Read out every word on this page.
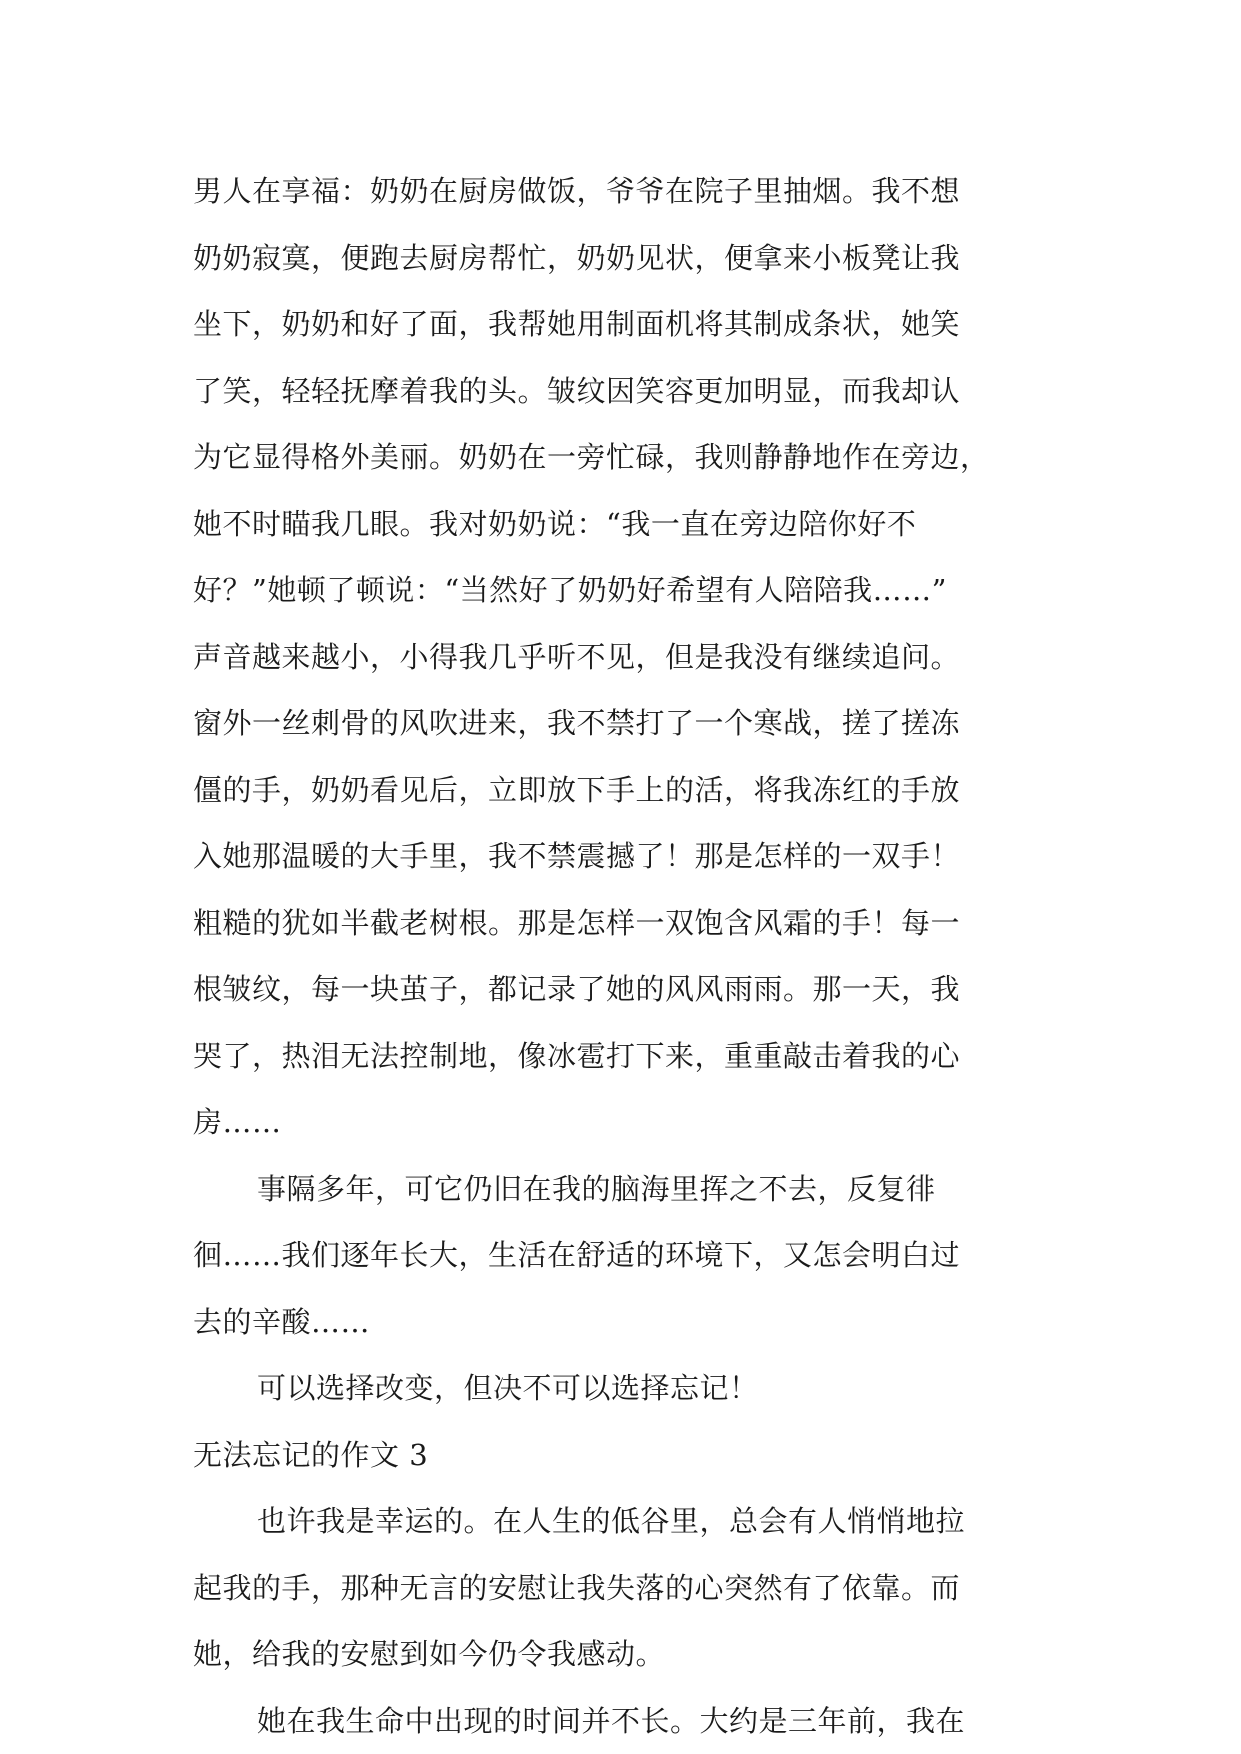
男人在享福：奶奶在厨房做饭，爷爷在院子里抽烟。我不想
奶奶寂寞，便跑去厨房帮忙，奶奶见状，便拿来小板凳让我
坐下，奶奶和好了面，我帮她用制面机将其制成条状，她笑
了笑，轻轻抚摩着我的头。皱纹因笑容更加明显，而我却认
为它显得格外美丽。奶奶在一旁忙碌，我则静静地作在旁边，
她不时瞄我几眼。我对奶奶说：“我一直在旁边陪你好不
好？”她顿了顿说：“当然好了奶奶好希望有人陪陪我……”
声音越来越小，小得我几乎听不见，但是我没有继续追问。
窗外一丝刺骨的风吹进来，我不禁打了一个寒战，搓了搓冻
僵的手，奶奶看见后，立即放下手上的活，将我冻红的手放
入她那温暖的大手里，我不禁震撼了！那是怎样的一双手！
粗糙的犹如半截老树根。那是怎样一双饱含风霜的手！每一
根皱纹，每一块茧子，都记录了她的风风雨雨。那一天，我
哭了，热泪无法控制地，像冰雹打下来，重重敲击着我的心
房……
事隔多年，可它仍旧在我的脑海里挥之不去，反复徘
徊……我们逐年长大，生活在舒适的环境下，又怎会明白过
去的辛酸……
可以选择改变，但决不可以选择忘记！
无法忘记的作文 3
也许我是幸运的。在人生的低谷里，总会有人悄悄地拉
起我的手，那种无言的安慰让我失落的心突然有了依靠。而
她，给我的安慰到如今仍令我感动。
她在我生命中出现的时间并不长。大约是三年前，我在
